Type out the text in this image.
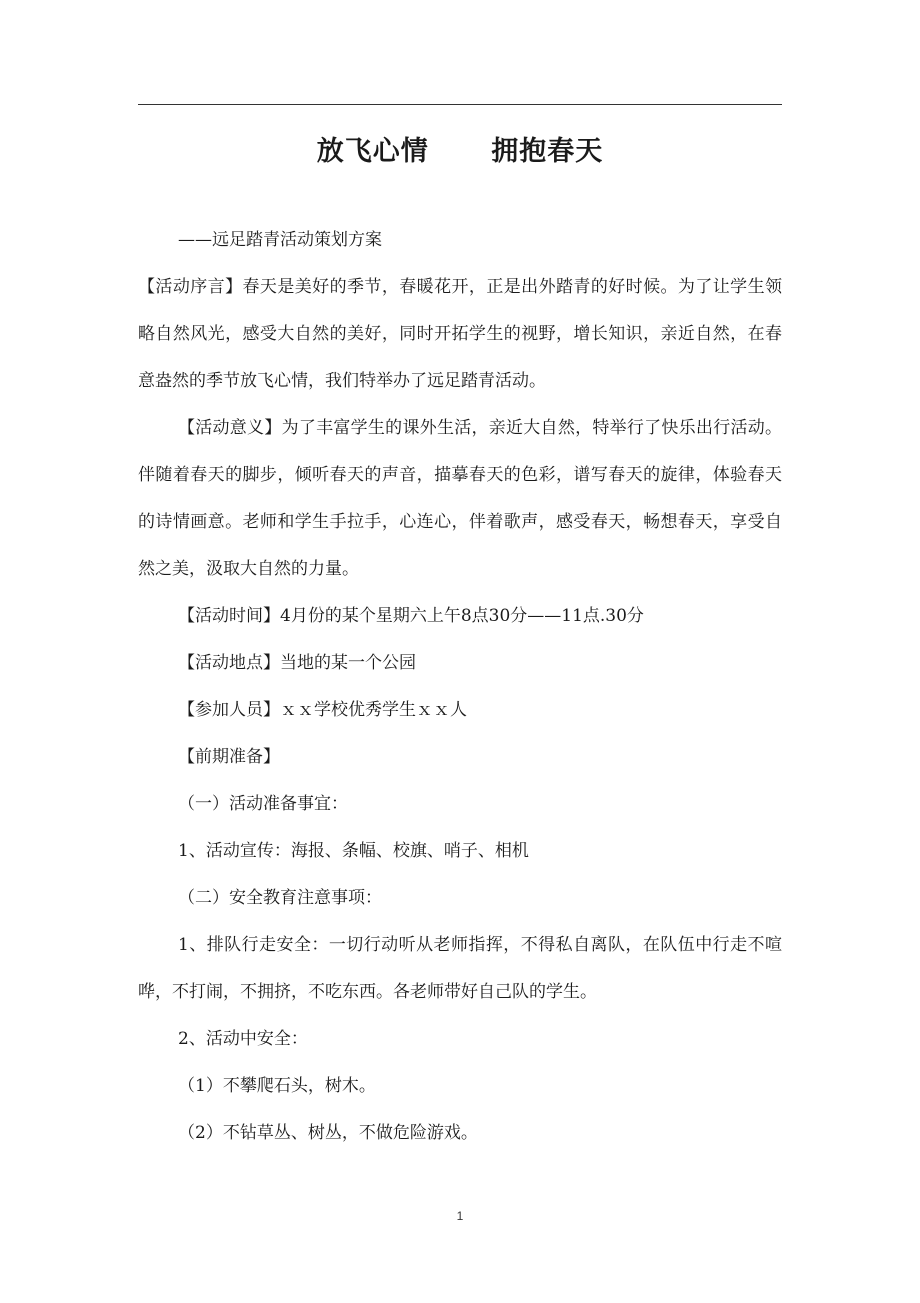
放飞心情      拥抱春天

——远足踏青活动策划方案

【活动序言】春天是美好的季节，春暖花开，正是出外踏青的好时候。为了让学生领略自然风光，感受大自然的美好，同时开拓学生的视野，增长知识，亲近自然，在春意盎然的季节放飞心情，我们特举办了远足踏青活动。

【活动意义】为了丰富学生的课外生活，亲近大自然，特举行了快乐出行活动。伴随着春天的脚步，倾听春天的声音，描摹春天的色彩，谱写春天的旋律，体验春天的诗情画意。老师和学生手拉手，心连心，伴着歌声，感受春天，畅想春天，享受自然之美，汲取大自然的力量。

【活动时间】4月份的某个星期六上午8点30分——11点.30分

【活动地点】当地的某一个公园

【参加人员】ｘｘ学校优秀学生ｘｘ人

【前期准备】

（一）活动准备事宜：

1、活动宣传：海报、条幅、校旗、哨子、相机

（二）安全教育注意事项：

1、排队行走安全：一切行动听从老师指挥，不得私自离队，在队伍中行走不喧哗，不打闹，不拥挤，不吃东西。各老师带好自己队的学生。

2、活动中安全：

（1）不攀爬石头，树木。

（2）不钻草丛、树丛，不做危险游戏。

1
